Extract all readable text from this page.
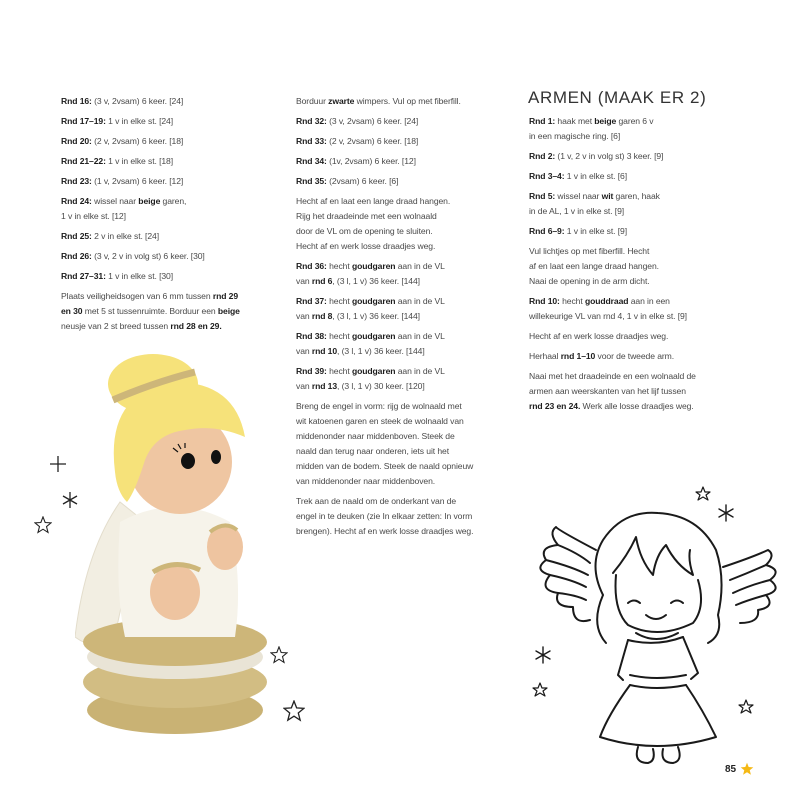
Rnd 16: (3 v, 2vsam) 6 keer. [24]

Rnd 17–19: 1 v in elke st. [24]

Rnd 20: (2 v, 2vsam) 6 keer. [18]

Rnd 21–22: 1 v in elke st. [18]

Rnd 23: (1 v, 2vsam) 6 keer. [12]

Rnd 24: wissel naar beige garen,
1 v in elke st. [12]

Rnd 25: 2 v in elke st. [24]

Rnd 26: (3 v, 2 v in volg st) 6 keer. [30]

Rnd 27–31: 1 v in elke st. [30]

Plaats veiligheidsogen van 6 mm tussen rnd 29
en 30 met 5 st tussenruimte. Borduur een beige
neusje van 2 st breed tussen rnd 28 en 29.

Borduur zwarte wimpers. Vul op met fiberfill.

Rnd 32: (3 v, 2vsam) 6 keer. [24]

Rnd 33: (2 v, 2vsam) 6 keer. [18]

Rnd 34: (1v, 2vsam) 6 keer. [12]

Rnd 35: (2vsam) 6 keer. [6]

Hecht af en laat een lange draad hangen.
Rijg het draadeinde met een wolnaald
door de VL om de opening te sluiten.
Hecht af en werk losse draadjes weg.

Rnd 36: hecht goudgaren aan in de VL
van rnd 6, (3 l, 1 v) 36 keer. [144]

Rnd 37: hecht goudgaren aan in de VL
van rnd 8, (3 l, 1 v) 36 keer. [144]

Rnd 38: hecht goudgaren aan in de VL
van rnd 10, (3 l, 1 v) 36 keer. [144]

Rnd 39: hecht goudgaren aan in de VL
van rnd 13, (3 l, 1 v) 30 keer. [120]

Breng de engel in vorm: rijg de wolnaald met
wit katoenen garen en steek de wolnaald van
middenonder naar middenboven. Steek de
naald dan terug naar onderen, iets uit het
midden van de bodem. Steek de naald opnieuw
van middenonder naar middenboven.

Trek aan de naald om de onderkant van de
engel in te deuken (zie In elkaar zetten: In vorm
brengen). Hecht af en werk losse draadjes weg.

ARMEN (MAAK ER 2)

Rnd 1: haak met beige garen 6 v
in een magische ring. [6]

Rnd 2: (1 v, 2 v in volg st) 3 keer. [9]

Rnd 3–4: 1 v in elke st. [6]

Rnd 5: wissel naar wit garen, haak
in de AL, 1 v in elke st. [9]

Rnd 6–9: 1 v in elke st. [9]

Vul lichtjes op met fiberfill. Hecht
af en laat een lange draad hangen.
Naai de opening in de arm dicht.

Rnd 10: hecht gouddraad aan in een
willekeurige VL van rnd 4, 1 v in elke st. [9]

Hecht af en werk losse draadjes weg.

Herhaal rnd 1–10 voor de tweede arm.

Naai met het draadeinde en een wolnaald de
armen aan weerskanten van het lijf tussen
rnd 23 en 24. Werk alle losse draadjes weg.

85
